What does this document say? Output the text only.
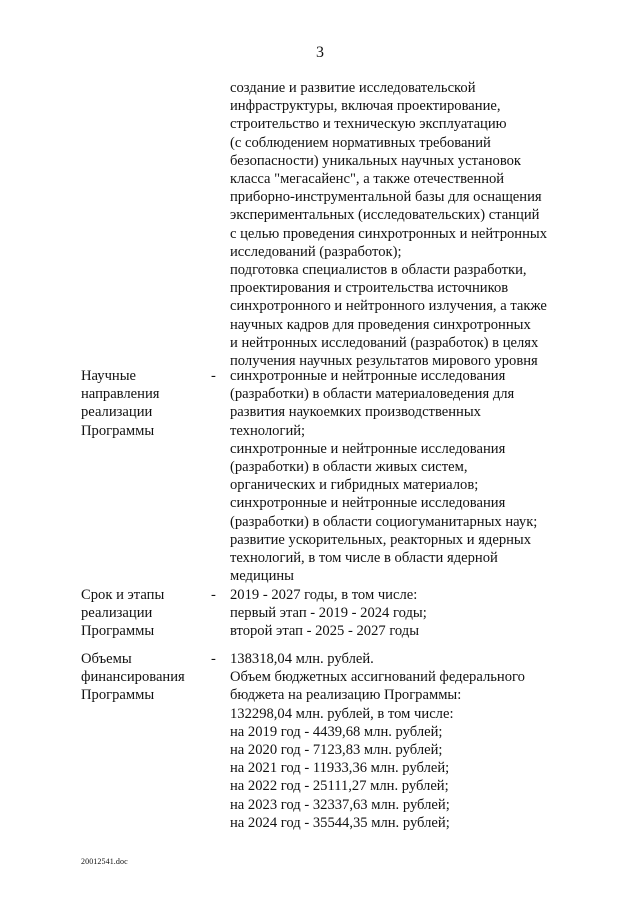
3
создание и развитие исследовательской
инфраструктуры, включая проектирование,
строительство и техническую эксплуатацию
(с соблюдением нормативных требований
безопасности) уникальных научных установок
класса "мегасайенс", а также отечественной
приборно-инструментальной базы для оснащения
экспериментальных (исследовательских) станций
с целью проведения синхротронных и нейтронных
исследований (разработок);
подготовка специалистов в области разработки,
проектирования и строительства источников
синхротронного и нейтронного излучения, а также
научных кадров для проведения синхротронных
и нейтронных исследований (разработок) в целях
получения научных результатов мирового уровня
Научные
направления
реализации
Программы
- синхротронные и нейтронные исследования
(разработки) в области материаловедения для
развития наукоемких производственных
технологий;
синхротронные и нейтронные исследования
(разработки) в области живых систем,
органических и гибридных материалов;
синхротронные и нейтронные исследования
(разработки) в области социогуманитарных наук;
развитие ускорительных, реакторных и ядерных
технологий, в том числе в области ядерной
медицины
Срок и этапы
реализации
Программы
- 2019 - 2027 годы, в том числе:
первый этап - 2019 - 2024 годы;
второй этап - 2025 - 2027 годы
Объемы
финансирования
Программы
- 138318,04 млн. рублей.
Объем бюджетных ассигнований федерального
бюджета на реализацию Программы:
132298,04 млн. рублей, в том числе:
на 2019 год - 4439,68 млн. рублей;
на 2020 год - 7123,83 млн. рублей;
на 2021 год - 11933,36 млн. рублей;
на 2022 год - 25111,27 млн. рублей;
на 2023 год - 32337,63 млн. рублей;
на 2024 год - 35544,35 млн. рублей;
20012541.doc
